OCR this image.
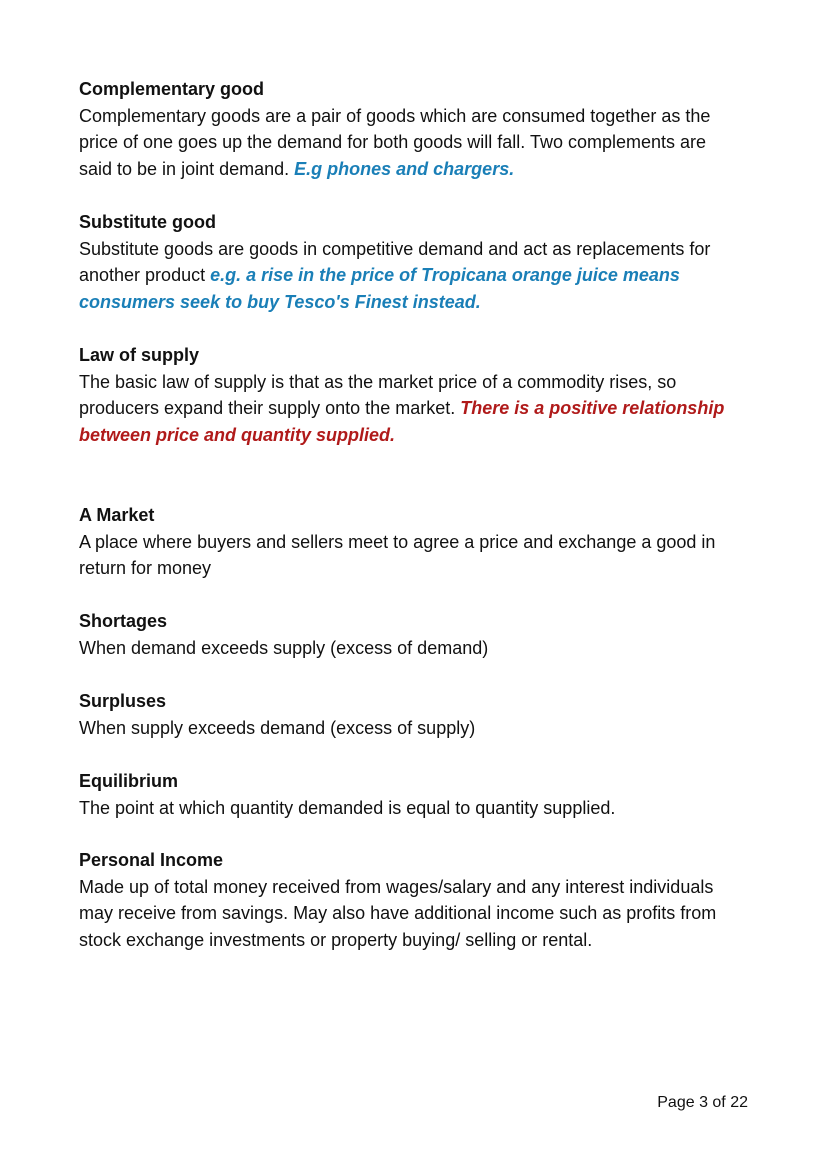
Complementary good
Complementary goods are a pair of goods which are consumed together as the price of one goes up the demand for both goods will fall. Two complements are said to be in joint demand. E.g phones and chargers.
Substitute good
Substitute goods are goods in competitive demand and act as replacements for another product e.g. a rise in the price of Tropicana orange juice means consumers seek to buy Tesco's Finest instead.
Law of supply
The basic law of supply is that as the market price of a commodity rises, so producers expand their supply onto the market. There is a positive relationship between price and quantity supplied.
A Market
A place where buyers and sellers meet to agree a price and exchange a good in return for money
Shortages
When demand exceeds supply (excess of demand)
Surpluses
When supply exceeds demand (excess of supply)
Equilibrium
The point at which quantity demanded is equal to quantity supplied.
Personal Income
Made up of total money received from wages/salary and any interest individuals may receive from savings. May also have additional income such as profits from stock exchange investments or property buying/ selling or rental.
Page 3 of 22
